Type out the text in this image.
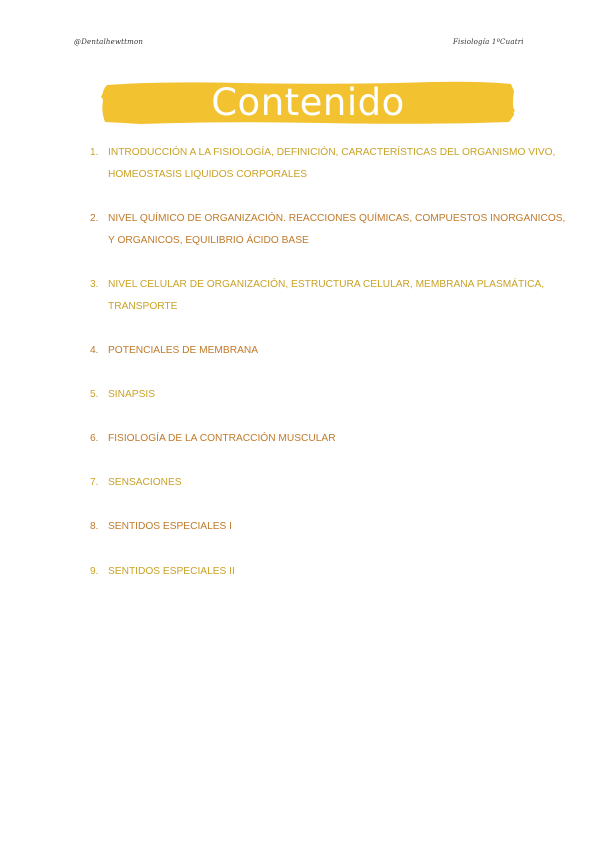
@Dentalhewttmon	Fisiología 1ºCuatri
Contenido
1. INTRODUCCIÓN A LA FISIOLOGÍA, DEFINICIÓN, CARACTERÍSTICAS DEL ORGANISMO VIVO,
HOMEOSTASIS LIQUIDOS CORPORALES
2. NIVEL QUÍMICO DE ORGANIZACIÓN. REACCIONES QUÍMICAS, COMPUESTOS INORGANICOS,
Y ORGANICOS, EQUILIBRIO ÁCIDO BASE
3. NIVEL CELULAR DE ORGANIZACIÓN, ESTRUCTURA CELULAR, MEMBRANA PLASMÁTICA,
TRANSPORTE
4. POTENCIALES DE MEMBRANA
5. SINAPSIS
6. FISIOLOGÍA DE LA CONTRACCIÓN MUSCULAR
7. SENSACIONES
8. SENTIDOS ESPECIALES I
9. SENTIDOS ESPECIALES II
